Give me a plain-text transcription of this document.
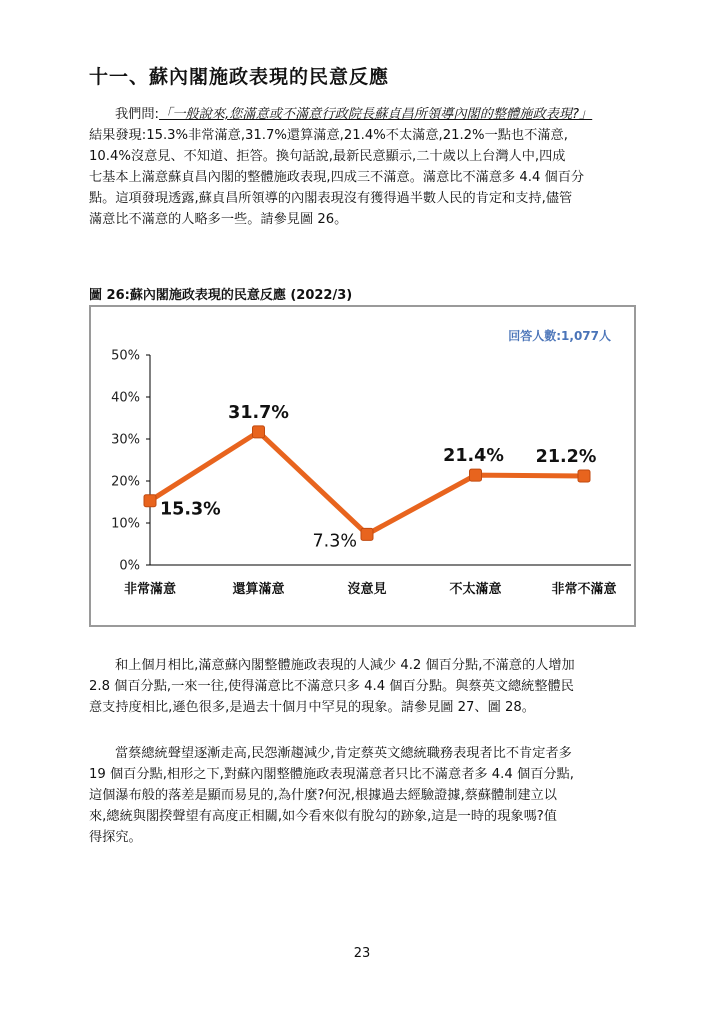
十一、蘇內閣施政表現的民意反應

我們問:「一般說來,您滿意或不滿意行政院長蘇貞昌所領導內閣的整體施政表現?」
結果發現:15.3%非常滿意,31.7%還算滿意,21.4%不太滿意,21.2%一點也不滿意,
10.4%沒意見、不知道、拒答。換句話說,最新民意顯示,二十歲以上台灣人中,四成
七基本上滿意蘇貞昌內閣的整體施政表現,四成三不滿意。滿意比不滿意多 4.4 個百分
點。這項發現透露,蘇貞昌所領導的內閣表現沒有獲得過半數人民的肯定和支持,儘管
滿意比不滿意的人略多一些。請參見圖 26。

圖 26:蘇內閣施政表現的民意反應 (2022/3)

回答人數:1,077人
0%
10%
20%
30%
40%
50%
非常滿意	還算滿意	沒意見	不太滿意	非常不滿意
15.3%
31.7%
7.3%
21.4% 21.2%

和上個月相比,滿意蘇內閣整體施政表現的人減少 4.2 個百分點,不滿意的人增加
2.8 個百分點,一來一往,使得滿意比不滿意只多 4.4 個百分點。與蔡英文總統整體民
意支持度相比,遜色很多,是過去十個月中罕見的現象。請參見圖 27、圖 28。

當蔡總統聲望逐漸走高,民怨漸趨減少,肯定蔡英文總統職務表現者比不肯定者多
19 個百分點,相形之下,對蘇內閣整體施政表現滿意者只比不滿意者多 4.4 個百分點,
這個瀑布般的落差是顯而易見的,為什麼?何況,根據過去經驗證據,蔡蘇體制建立以
來,總統與閣揆聲望有高度正相關,如今看來似有脫勾的跡象,這是一時的現象嗎?值
得探究。

23
